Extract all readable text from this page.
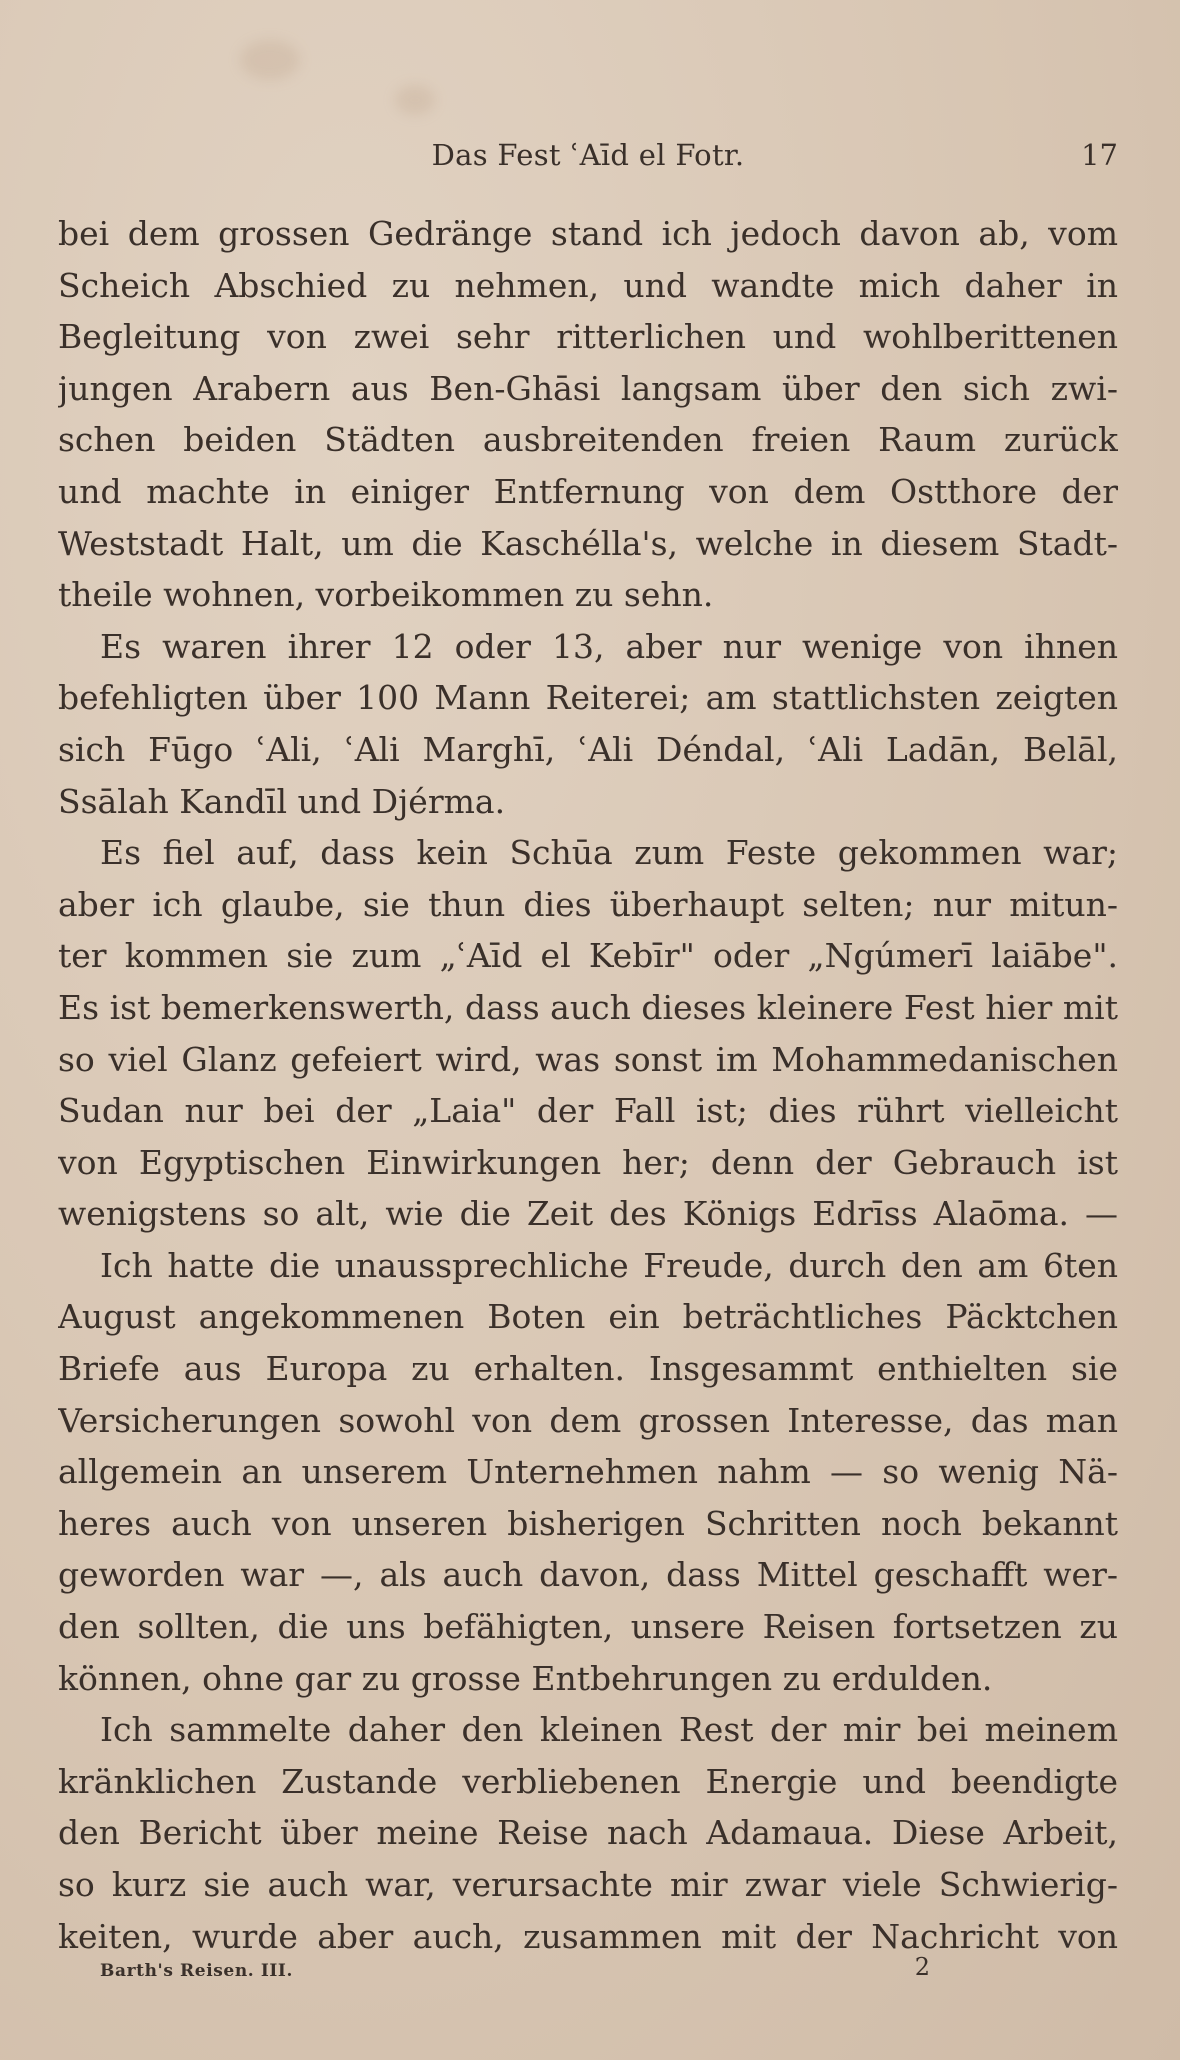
Das Fest ʿAīd el Fotr.	17
bei dem grossen Gedränge stand ich jedoch davon ab, vom
Scheich Abschied zu nehmen, und wandte mich daher in
Begleitung von zwei sehr ritterlichen und wohlberittenen
jungen Arabern aus Ben-Ghāsi langsam über den sich zwi-
schen beiden Städten ausbreitenden freien Raum zurück
und machte in einiger Entfernung von dem Ostthore der
Weststadt Halt, um die Kaschélla's, welche in diesem Stadt-
theile wohnen, vorbeikommen zu sehn.
Es waren ihrer 12 oder 13, aber nur wenige von ihnen
befehligten über 100 Mann Reiterei; am stattlichsten zeigten
sich Fūgo ʿAli, ʿAli Marghī, ʿAli Déndal, ʿAli Ladān, Belāl,
Ssālah Kandīl und Djérma.
Es fiel auf, dass kein Schūa zum Feste gekommen war;
aber ich glaube, sie thun dies überhaupt selten; nur mitun-
ter kommen sie zum „ʿAīd el Kebīr" oder „Ngúmerī laiābe".
Es ist bemerkenswerth, dass auch dieses kleinere Fest hier mit
so viel Glanz gefeiert wird, was sonst im Mohammedanischen
Sudan nur bei der „Laia" der Fall ist; dies rührt vielleicht
von Egyptischen Einwirkungen her; denn der Gebrauch ist
wenigstens so alt, wie die Zeit des Königs Edrīss Alaōma. —
Ich hatte die unaussprechliche Freude, durch den am 6ten
August angekommenen Boten ein beträchtliches Päcktchen
Briefe aus Europa zu erhalten. Insgesammt enthielten sie
Versicherungen sowohl von dem grossen Interesse, das man
allgemein an unserem Unternehmen nahm — so wenig Nä-
heres auch von unseren bisherigen Schritten noch bekannt
geworden war —, als auch davon, dass Mittel geschafft wer-
den sollten, die uns befähigten, unsere Reisen fortsetzen zu
können, ohne gar zu grosse Entbehrungen zu erdulden.
Ich sammelte daher den kleinen Rest der mir bei meinem
kränklichen Zustande verbliebenen Energie und beendigte
den Bericht über meine Reise nach Adamaua. Diese Arbeit,
so kurz sie auch war, verursachte mir zwar viele Schwierig-
keiten, wurde aber auch, zusammen mit der Nachricht von
Barth's Reisen. III.	2
